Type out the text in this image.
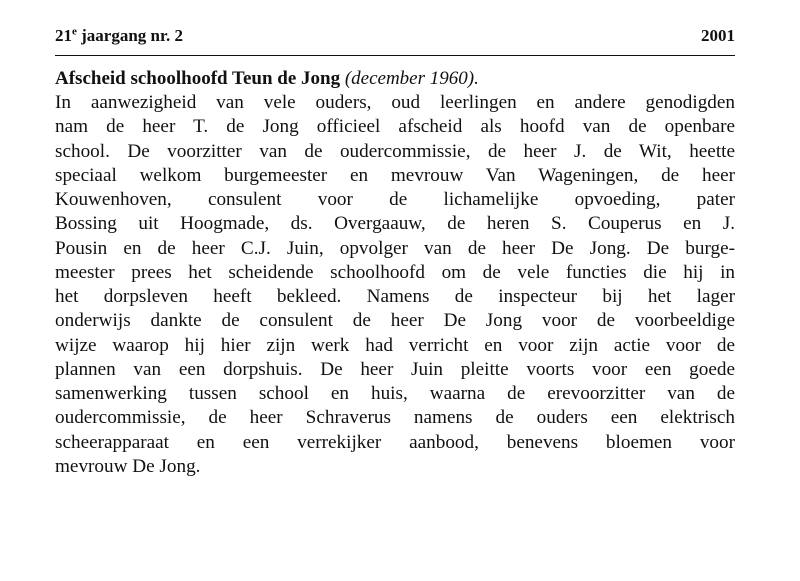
21e jaargang nr. 2	2001
Afscheid schoolhoofd Teun de Jong (december 1960).
In aanwezigheid van vele ouders, oud leerlingen en andere genodigden
nam de heer T. de Jong officieel afscheid als hoofd van de openbare
school. De voorzitter van de oudercommissie, de heer J. de Wit, heette
speciaal welkom burgemeester en mevrouw Van Wageningen, de heer
Kouwenhoven, consulent voor de lichamelijke opvoeding, pater
Bossing uit Hoogmade, ds. Overgaauw, de heren S. Couperus en J.
Pousin en de heer C.J. Juin, opvolger van de heer De Jong. De burge-
meester prees het scheidende schoolhoofd om de vele functies die hij in
het dorpsleven heeft bekleed. Namens de inspecteur bij het lager
onderwijs dankte de consulent de heer De Jong voor de voorbeeldige
wijze waarop hij hier zijn werk had verricht en voor zijn actie voor de
plannen van een dorpshuis. De heer Juin pleitte voorts voor een goede
samenwerking tussen school en huis, waarna de erevoorzitter van de
oudercommissie, de heer Schraverus namens de ouders een elektrisch
scheerapparaat en een verrekijker aanbood, benevens bloemen voor
mevrouw De Jong.
